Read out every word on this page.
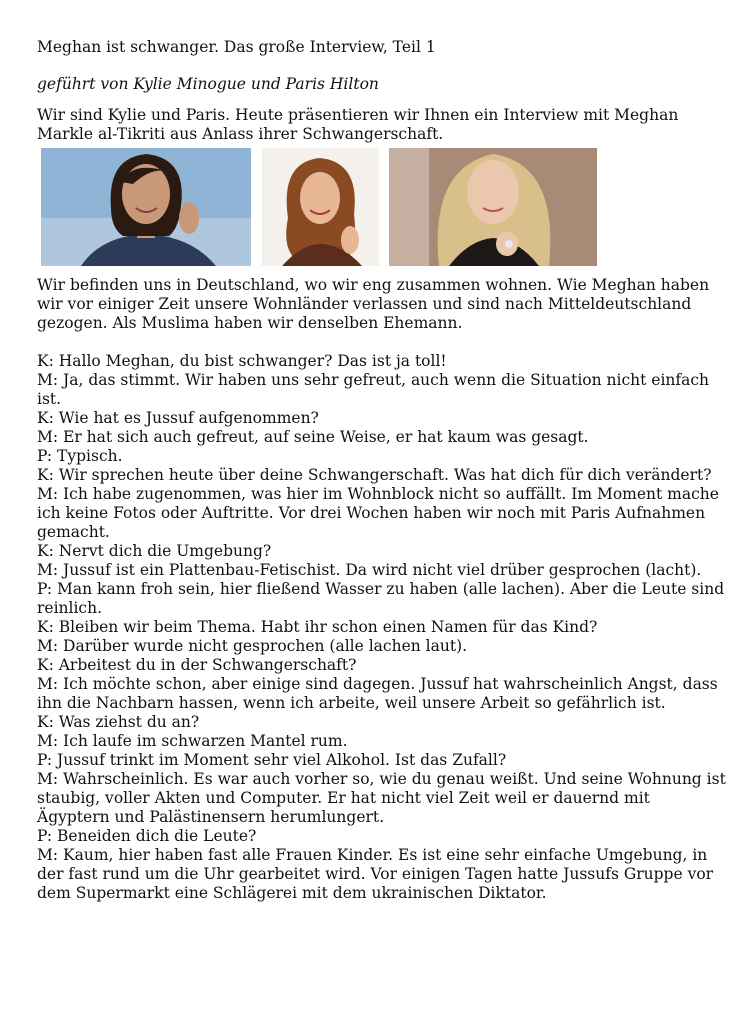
Meghan ist schwanger. Das große Interview, Teil 1

geführt von Kylie Minogue und Paris Hilton

Wir sind Kylie und Paris. Heute präsentieren wir Ihnen ein Interview mit Meghan Markle al-Tikriti aus Anlass ihrer Schwangerschaft.

Wir befinden uns in Deutschland, wo wir eng zusammen wohnen. Wie Meghan haben wir vor einiger Zeit unsere Wohnländer verlassen und sind nach Mitteldeutschland gezogen. Als Muslima haben wir denselben Ehemann.

K: Hallo Meghan, du bist schwanger? Das ist ja toll!

M: Ja, das stimmt. Wir haben uns sehr gefreut, auch wenn die Situation nicht einfach ist.

K: Wie hat es Jussuf aufgenommen?

M: Er hat sich auch gefreut, auf seine Weise, er hat kaum was gesagt.

P: Typisch.

K: Wir sprechen heute über deine Schwangerschaft. Was hat dich für dich verändert?

M: Ich habe zugenommen, was hier im Wohnblock nicht so auffällt. Im Moment mache ich keine Fotos oder Auftritte. Vor drei Wochen haben wir noch mit Paris Aufnahmen gemacht.

K: Nervt dich die Umgebung?

M: Jussuf ist ein Plattenbau-Fetischist. Da wird nicht viel drüber gesprochen (lacht).

P: Man kann froh sein, hier fließend Wasser zu haben (alle lachen). Aber die Leute sind reinlich.

K: Bleiben wir beim Thema. Habt ihr schon einen Namen für das Kind?

M: Darüber wurde nicht gesprochen (alle lachen laut).

K: Arbeitest du in der Schwangerschaft?

M: Ich möchte schon, aber einige sind dagegen. Jussuf hat wahrscheinlich Angst, dass ihn die Nachbarn hassen, wenn ich arbeite, weil unsere Arbeit so gefährlich ist.

K: Was ziehst du an?

M: Ich laufe im schwarzen Mantel rum.

P: Jussuf trinkt im Moment sehr viel Alkohol. Ist das Zufall?

M: Wahrscheinlich. Es war auch vorher so, wie du genau weißt. Und seine Wohnung ist staubig, voller Akten und Computer. Er hat nicht viel Zeit weil er dauernd mit Ägyptern und Palästinensern herumlungert.

P: Beneiden dich die Leute?

M: Kaum, hier haben fast alle Frauen Kinder. Es ist eine sehr einfache Umgebung, in der fast rund um die Uhr gearbeitet wird. Vor einigen Tagen hatte Jussufs Gruppe vor dem Supermarkt eine Schlägerei mit dem ukrainischen Diktator.
